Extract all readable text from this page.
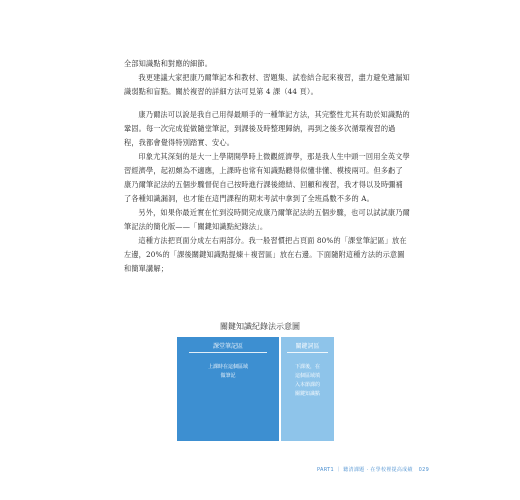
全部知識點和對應的細節。

我更建議大家把康乃爾筆記本和教材、習題集、試卷結合起來複習，盡力避免遺漏知識弱點和盲點。關於複習的詳細方法可見第 4 課（44 頁）。

康乃爾法可以說是我自己用得最順手的一種筆記方法，其完整性尤其有助於知識點的鞏固。每一次完成從做隨堂筆記，到課後及時整理歸納，再到之後多次循環複習的過程，我都會覺得特別踏實、安心。

印象尤其深刻的是大一上學期開學時上微觀經濟學，那是我人生中頭一回用全英文學習經濟學，起初頗為不適應，上課時也常有知識點聽得似懂非懂、模棱兩可。但多虧了康乃爾筆記法的五個步驟督促自己按時進行課後總結、回顧和複習，我才得以及時彌補了各種知識漏洞，也才能在這門課程的期末考試中拿到了全班爲數不多的 A。

另外，如果你最近實在忙到沒時間完成康乃爾筆記法的五個步驟，也可以試試康乃爾筆記法的簡化版——「關鍵知識點紀錄法」。

這種方法把頁面分成左右兩部分。我一般習慣把占頁面 80%的「課堂筆記區」放在左邊，20%的「課後關鍵知識點提煉＋複習區」放在右邊。下面隨附這種方法的示意圖和簡單講解；

關鍵知識紀錄法示意圖
課堂筆記區
上課時在這個區域
做筆記
關鍵詞區
下課後，在
這個區域填
入本節課的
關鍵知識點
PART1 ｜ 聽清課題 · 在學校裡提高成績 029
